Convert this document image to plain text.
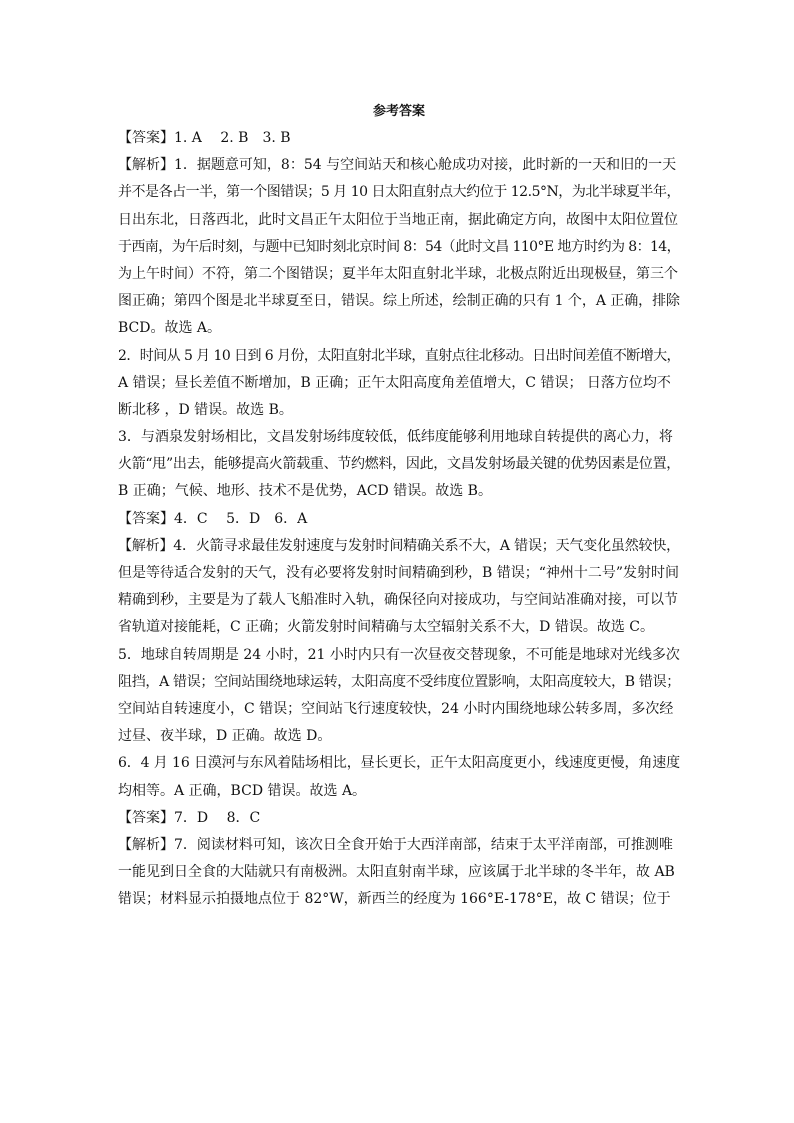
参考答案
【答案】1. A　 2. B　3. B
【解析】1．据题意可知，8：54 与空间站天和核心舱成功对接，此时新的一天和旧的一天
并不是各占一半，第一个图错误；5 月 10 日太阳直射点大约位于 12.5°N，为北半球夏半年，
日出东北，日落西北，此时文昌正午太阳位于当地正南，据此确定方向，故图中太阳位置位
于西南，为午后时刻，与题中已知时刻北京时间 8：54（此时文昌 110°E 地方时约为 8：14，
为上午时间）不符，第二个图错误；夏半年太阳直射北半球，北极点附近出现极昼，第三个
图正确；第四个图是北半球夏至日，错误。综上所述，绘制正确的只有 1 个，A 正确，排除
BCD。故选 A。
2．时间从 5 月 10 日到 6 月份，太阳直射北半球，直射点往北移动。日出时间差值不断增大，
A 错误；昼长差值不断增加，B 正确；正午太阳高度角差值增大，C 错误； 日落方位均不
断北移 ，D 错误。故选 B。
3．与酒泉发射场相比，文昌发射场纬度较低，低纬度能够利用地球自转提供的离心力，将
火箭“甩”出去，能够提高火箭载重、节约燃料，因此，文昌发射场最关键的优势因素是位置，
B 正确；气候、地形、技术不是优势，ACD 错误。故选 B。
【答案】4．C　 5．D　6．A
【解析】4．火箭寻求最佳发射速度与发射时间精确关系不大，A 错误；天气变化虽然较快，
但是等待适合发射的天气，没有必要将发射时间精确到秒，B 错误；“神州十二号”发射时间
精确到秒，主要是为了载人飞船准时入轨，确保径向对接成功，与空间站准确对接，可以节
省轨道对接能耗，C 正确；火箭发射时间精确与太空辐射关系不大，D 错误。故选 C。
5．地球自转周期是 24 小时，21 小时内只有一次昼夜交替现象，不可能是地球对光线多次
阻挡，A 错误；空间站围绕地球运转，太阳高度不受纬度位置影响，太阳高度较大，B 错误；
空间站自转速度小，C 错误；空间站飞行速度较快，24 小时内围绕地球公转多周，多次经
过昼、夜半球，D 正确。故选 D。
6．4 月 16 日漠河与东风着陆场相比，昼长更长，正午太阳高度更小，线速度更慢，角速度
均相等。A 正确，BCD 错误。故选 A。
【答案】7．D　 8．C
【解析】7．阅读材料可知，该次日全食开始于大西洋南部，结束于太平洋南部，可推测唯
一能见到日全食的大陆就只有南极洲。太阳直射南半球，应该属于北半球的冬半年，故 AB
错误；材料显示拍摄地点位于 82°W，新西兰的经度为 166°E-178°E，故 C 错误；位于
